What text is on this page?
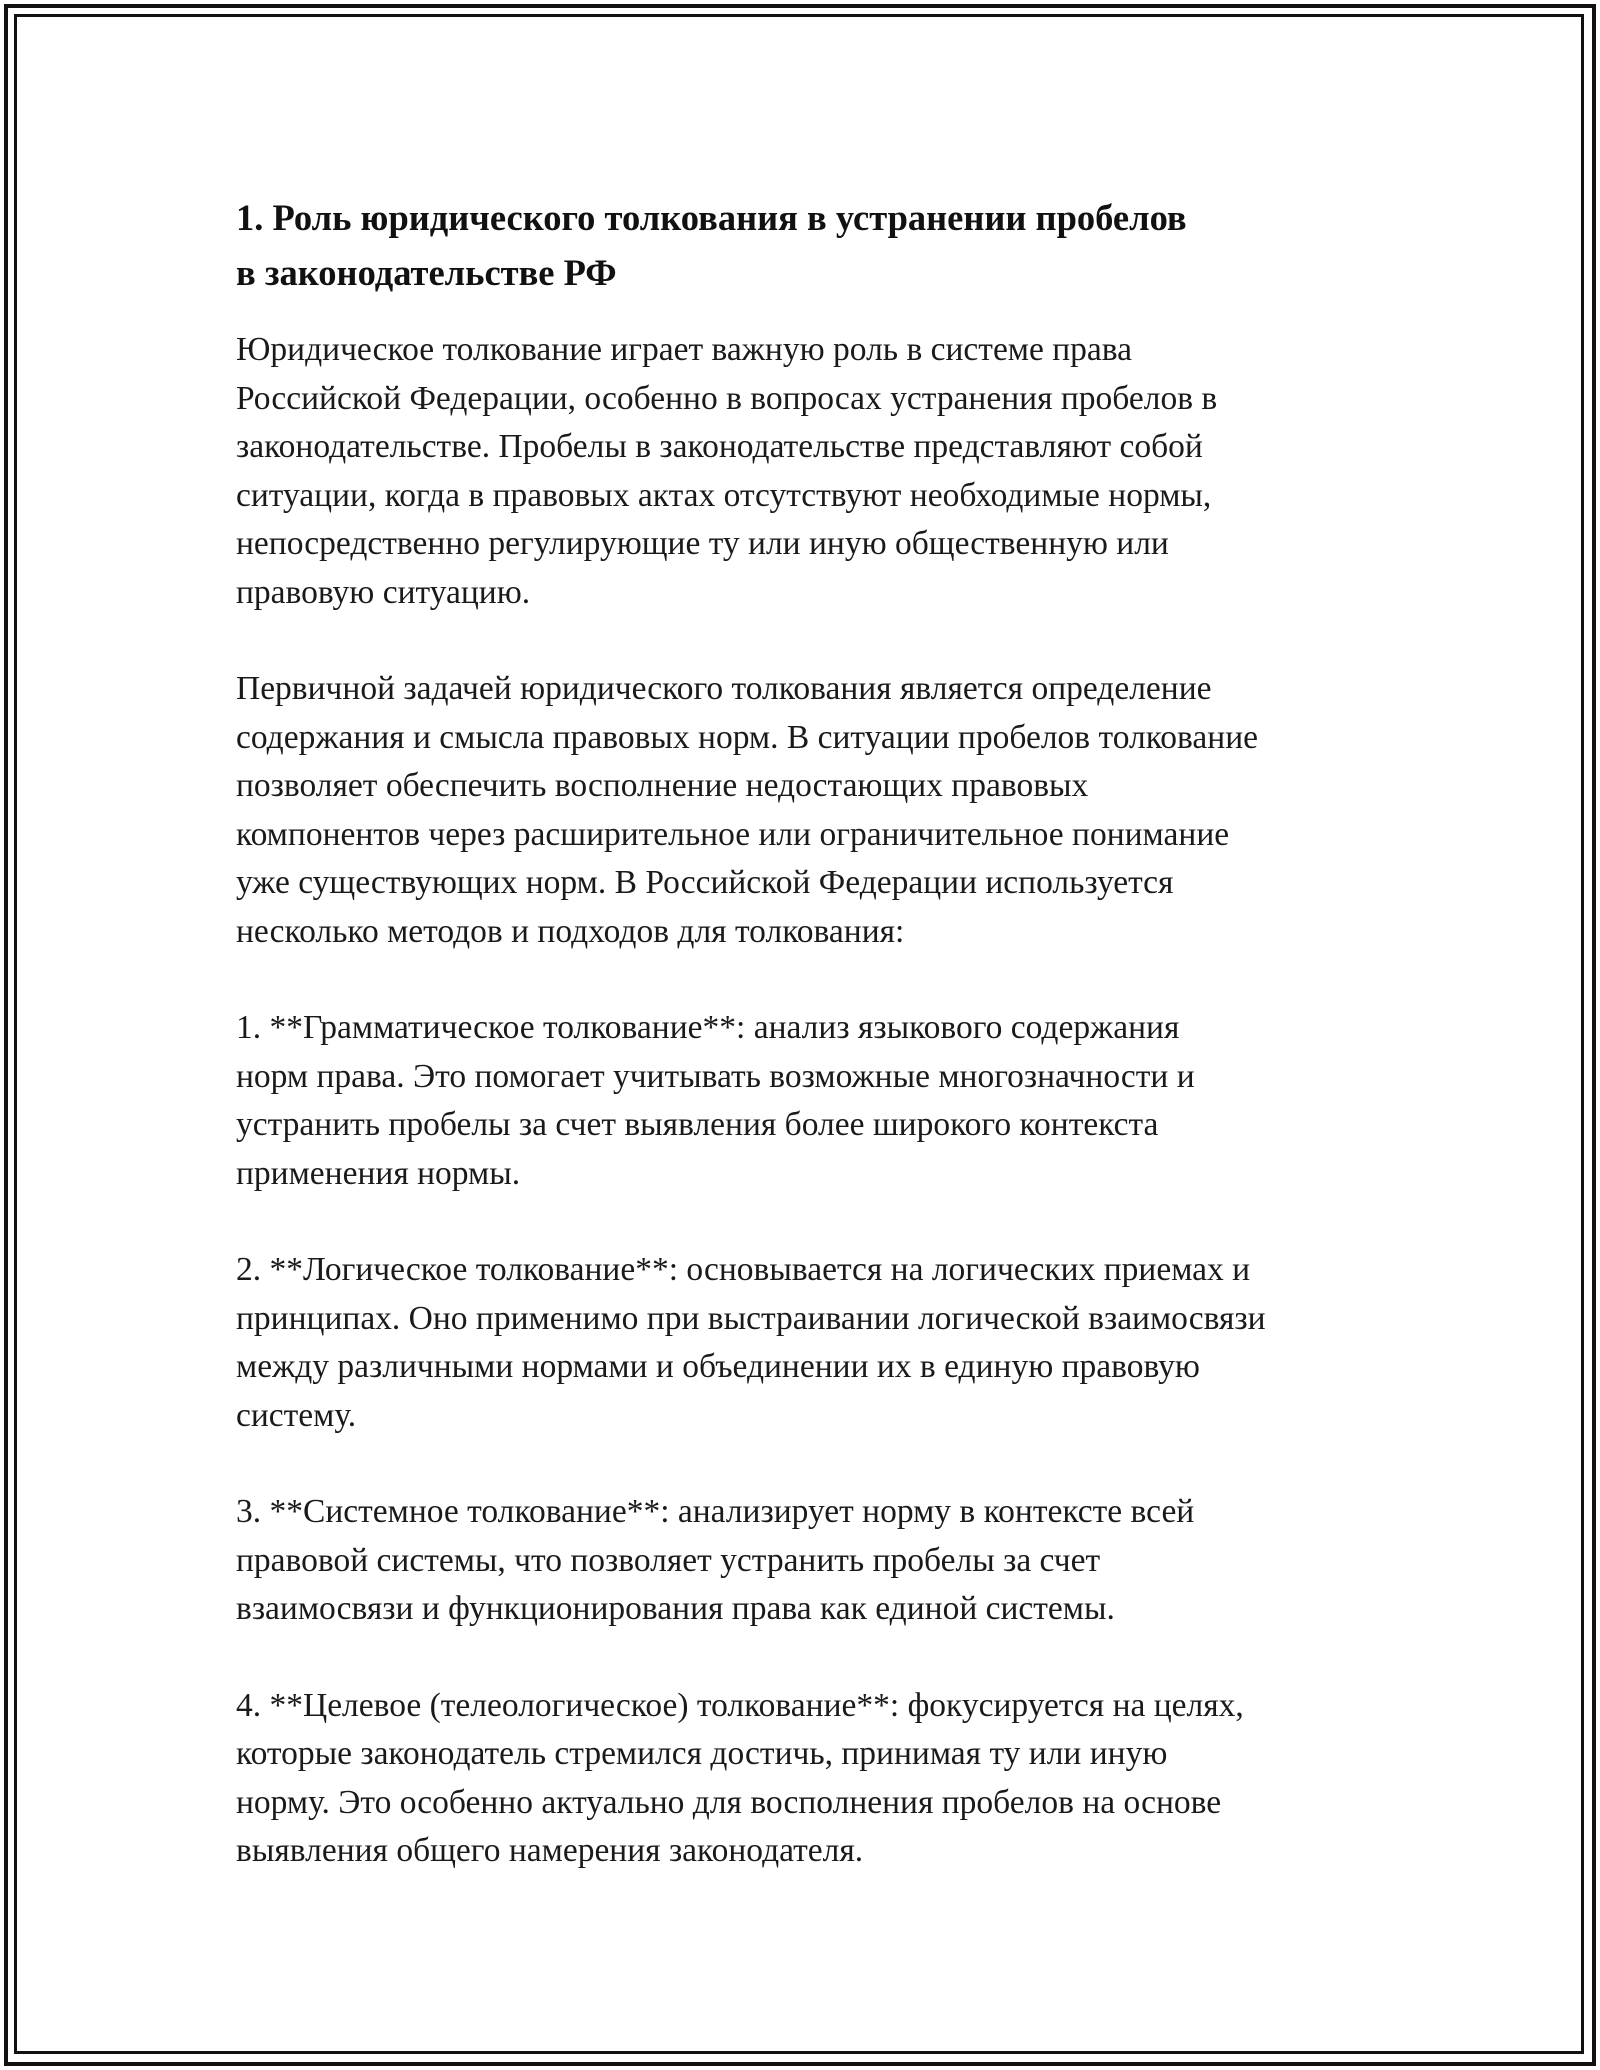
1. Роль юридического толкования в устранении пробелов
в законодательстве РФ

Юридическое толкование играет важную роль в системе права
Российской Федерации, особенно в вопросах устранения пробелов в
законодательстве. Пробелы в законодательстве представляют собой
ситуации, когда в правовых актах отсутствуют необходимые нормы,
непосредственно регулирующие ту или иную общественную или
правовую ситуацию.

Первичной задачей юридического толкования является определение
содержания и смысла правовых норм. В ситуации пробелов толкование
позволяет обеспечить восполнение недостающих правовых
компонентов через расширительное или ограничительное понимание
уже существующих норм. В Российской Федерации используется
несколько методов и подходов для толкования:

1. **Грамматическое толкование**: анализ языкового содержания
норм права. Это помогает учитывать возможные многозначности и
устранить пробелы за счет выявления более широкого контекста
применения нормы.

2. **Логическое толкование**: основывается на логических приемах и
принципах. Оно применимо при выстраивании логической взаимосвязи
между различными нормами и объединении их в единую правовую
систему.

3. **Системное толкование**: анализирует норму в контексте всей
правовой системы, что позволяет устранить пробелы за счет
взаимосвязи и функционирования права как единой системы.

4. **Целевое (телеологическое) толкование**: фокусируется на целях,
которые законодатель стремился достичь, принимая ту или иную
норму. Это особенно актуально для восполнения пробелов на основе
выявления общего намерения законодателя.
